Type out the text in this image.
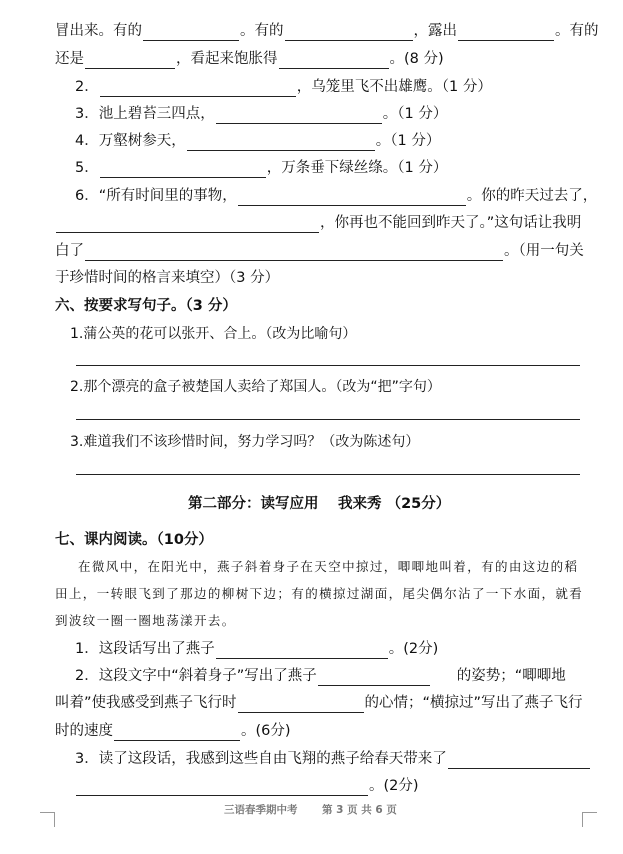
冒出来。有的	。有的	，露出	。有的
还是	，看起来饱胀得	。(8 分)
2．	，乌笼里飞不出雄鹰。（1 分）
3．池上碧苔三四点，	。（1 分）
4．万壑树参天，	。（1 分）
5．	，万条垂下绿丝绦。（1 分）
6．“所有时间里的事物，	。你的昨天过去了，
，你再也不能回到昨天了。”这句话让我明
白了	。（用一句关
于珍惜时间的格言来填空）（3 分）
六、按要求写句子。（3 分）
1.蒲公英的花可以张开、合上。（改为比喻句）
2.那个漂亮的盒子被楚国人卖给了郑国人。（改为“把”字句）
3.难道我们不该珍惜时间，努力学习吗？（改为陈述句）
第二部分：读写应用　 我来秀 （25分）
七、课内阅读。（10分）
在微风中，在阳光中，燕子斜着身子在天空中掠过，唧唧地叫着，有的由这边的稻
田上，一转眼飞到了那边的柳树下边；有的横掠过湖面，尾尖偶尔沾了一下水面，就看
到波纹一圈一圈地荡漾开去。
1．这段话写出了燕子	。(2分)
2．这段文字中“斜着身子”写出了燕子	的姿势；“唧唧地
叫着”使我感受到燕子飞行时	的心情；“横掠过”写出了燕子飞行
时的速度	。(6分)
3．读了这段话，我感到这些自由飞翔的燕子给春天带来了
。(2分)
三语春季期中考 第 3 页 共 6 页
